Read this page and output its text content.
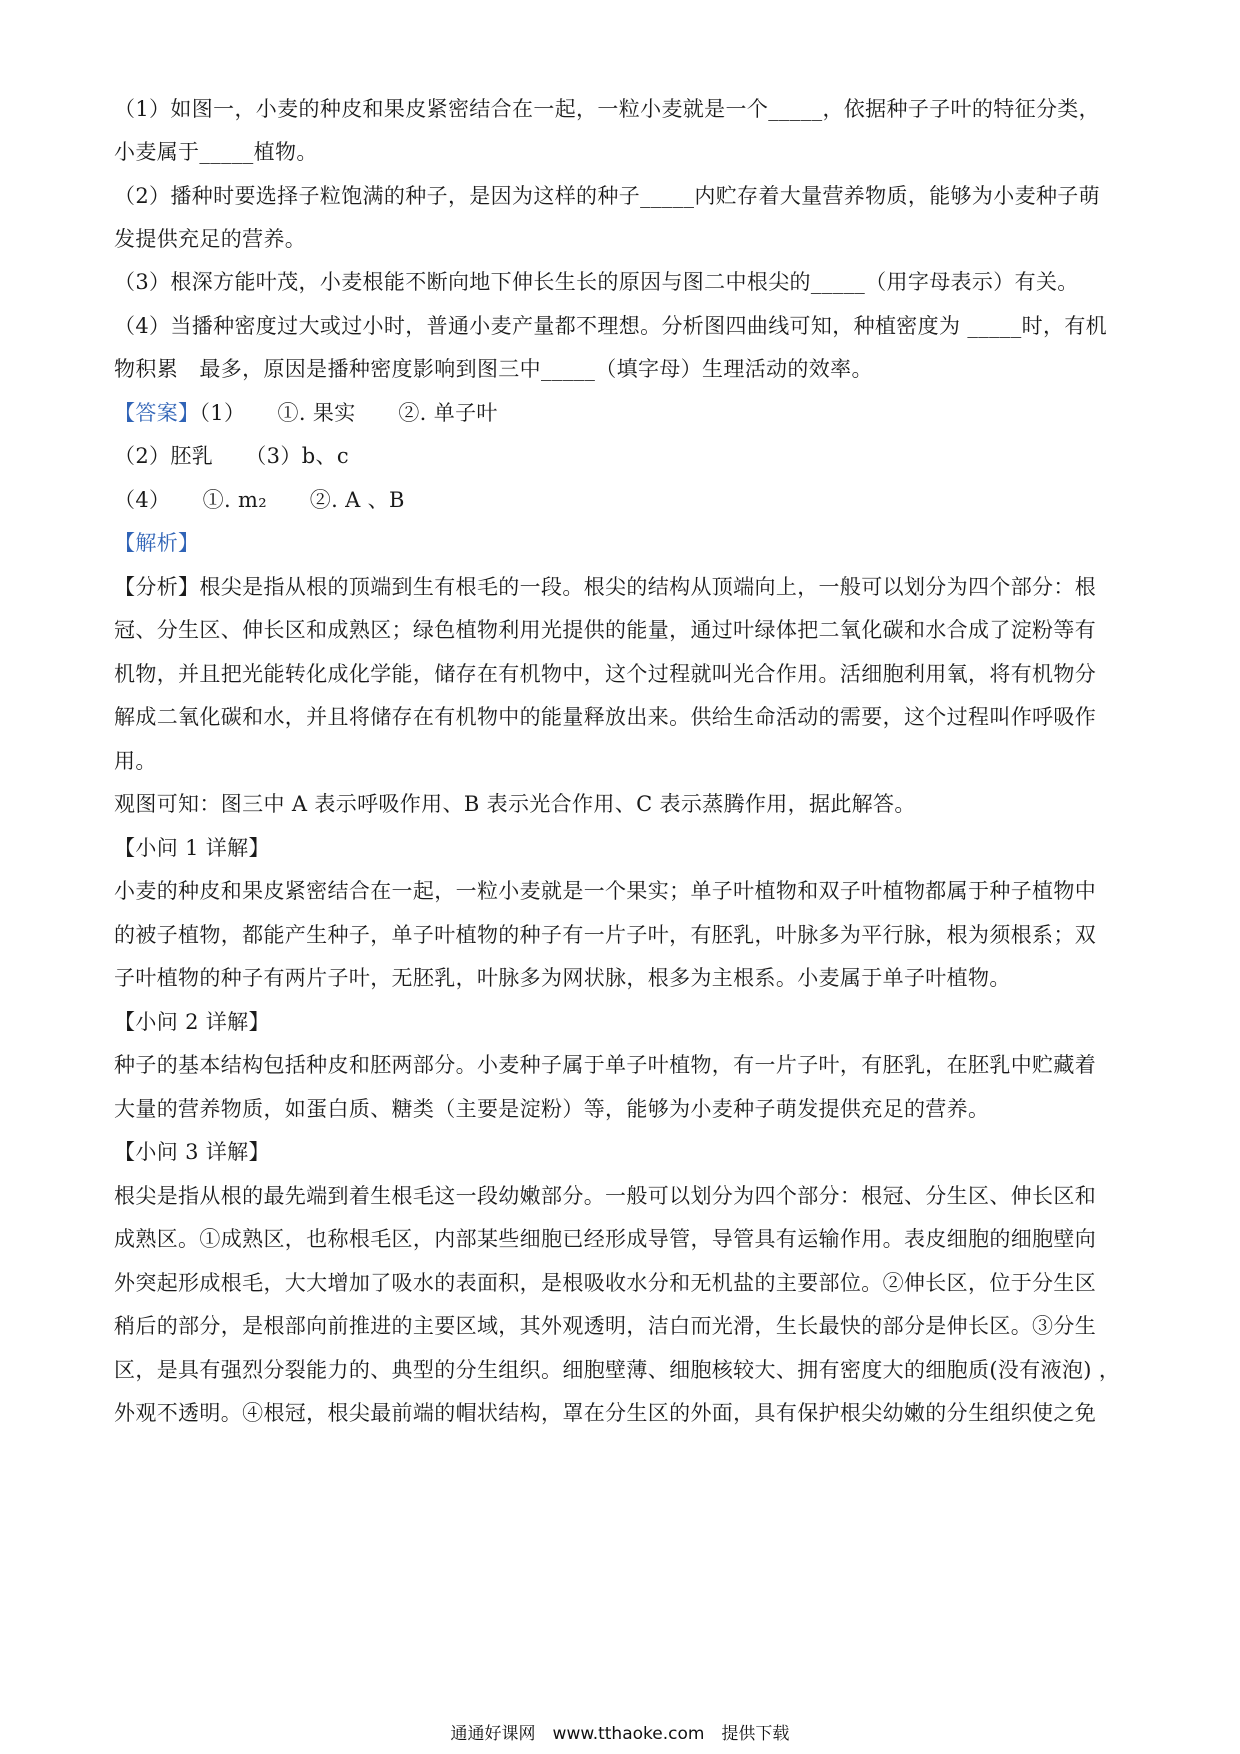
（1）如图一，小麦的种皮和果皮紧密结合在一起，一粒小麦就是一个_____，依据种子子叶的特征分类，
小麦属于_____植物。
（2）播种时要选择子粒饱满的种子，是因为这样的种子_____内贮存着大量营养物质，能够为小麦种子萌
发提供充足的营养。
（3）根深方能叶茂，小麦根能不断向地下伸长生长的原因与图二中根尖的_____（用字母表示）有关。
（4）当播种密度过大或过小时，普通小麦产量都不理想。分析图四曲线可知，种植密度为 _____时，有机
物积累　最多，原因是播种密度影响到图三中_____（填字母）生理活动的效率。
【答案】（1）　　①. 果实　　②. 单子叶
（2）胚乳　　（3）b、c
（4）　　①. m₂　　②. A 、B
【解析】
【分析】根尖是指从根的顶端到生有根毛的一段。根尖的结构从顶端向上，一般可以划分为四个部分：根
冠、分生区、伸长区和成熟区；绿色植物利用光提供的能量，通过叶绿体把二氧化碳和水合成了淀粉等有
机物，并且把光能转化成化学能，储存在有机物中，这个过程就叫光合作用。活细胞利用氧，将有机物分
解成二氧化碳和水，并且将储存在有机物中的能量释放出来。供给生命活动的需要，这个过程叫作呼吸作
用。
观图可知：图三中 A 表示呼吸作用、B 表示光合作用、C 表示蒸腾作用，据此解答。
【小问 1 详解】
小麦的种皮和果皮紧密结合在一起，一粒小麦就是一个果实；单子叶植物和双子叶植物都属于种子植物中
的被子植物，都能产生种子，单子叶植物的种子有一片子叶，有胚乳，叶脉多为平行脉，根为须根系；双
子叶植物的种子有两片子叶，无胚乳，叶脉多为网状脉，根多为主根系。小麦属于单子叶植物。
【小问 2 详解】
种子的基本结构包括种皮和胚两部分。小麦种子属于单子叶植物，有一片子叶，有胚乳，在胚乳中贮藏着
大量的营养物质，如蛋白质、糖类（主要是淀粉）等，能够为小麦种子萌发提供充足的营养。
【小问 3 详解】
根尖是指从根的最先端到着生根毛这一段幼嫩部分。一般可以划分为四个部分：根冠、分生区、伸长区和
成熟区。①成熟区，也称根毛区，内部某些细胞已经形成导管，导管具有运输作用。表皮细胞的细胞壁向
外突起形成根毛，大大增加了吸水的表面积，是根吸收水分和无机盐的主要部位。②伸长区，位于分生区
稍后的部分，是根部向前推进的主要区域，其外观透明，洁白而光滑，生长最快的部分是伸长区。③分生
区，是具有强烈分裂能力的、典型的分生组织。细胞壁薄、细胞核较大、拥有密度大的细胞质(没有液泡) ，
外观不透明。④根冠，根尖最前端的帽状结构，罩在分生区的外面，具有保护根尖幼嫩的分生组织使之免
通通好课网　www.tthaoke.com　提供下载
